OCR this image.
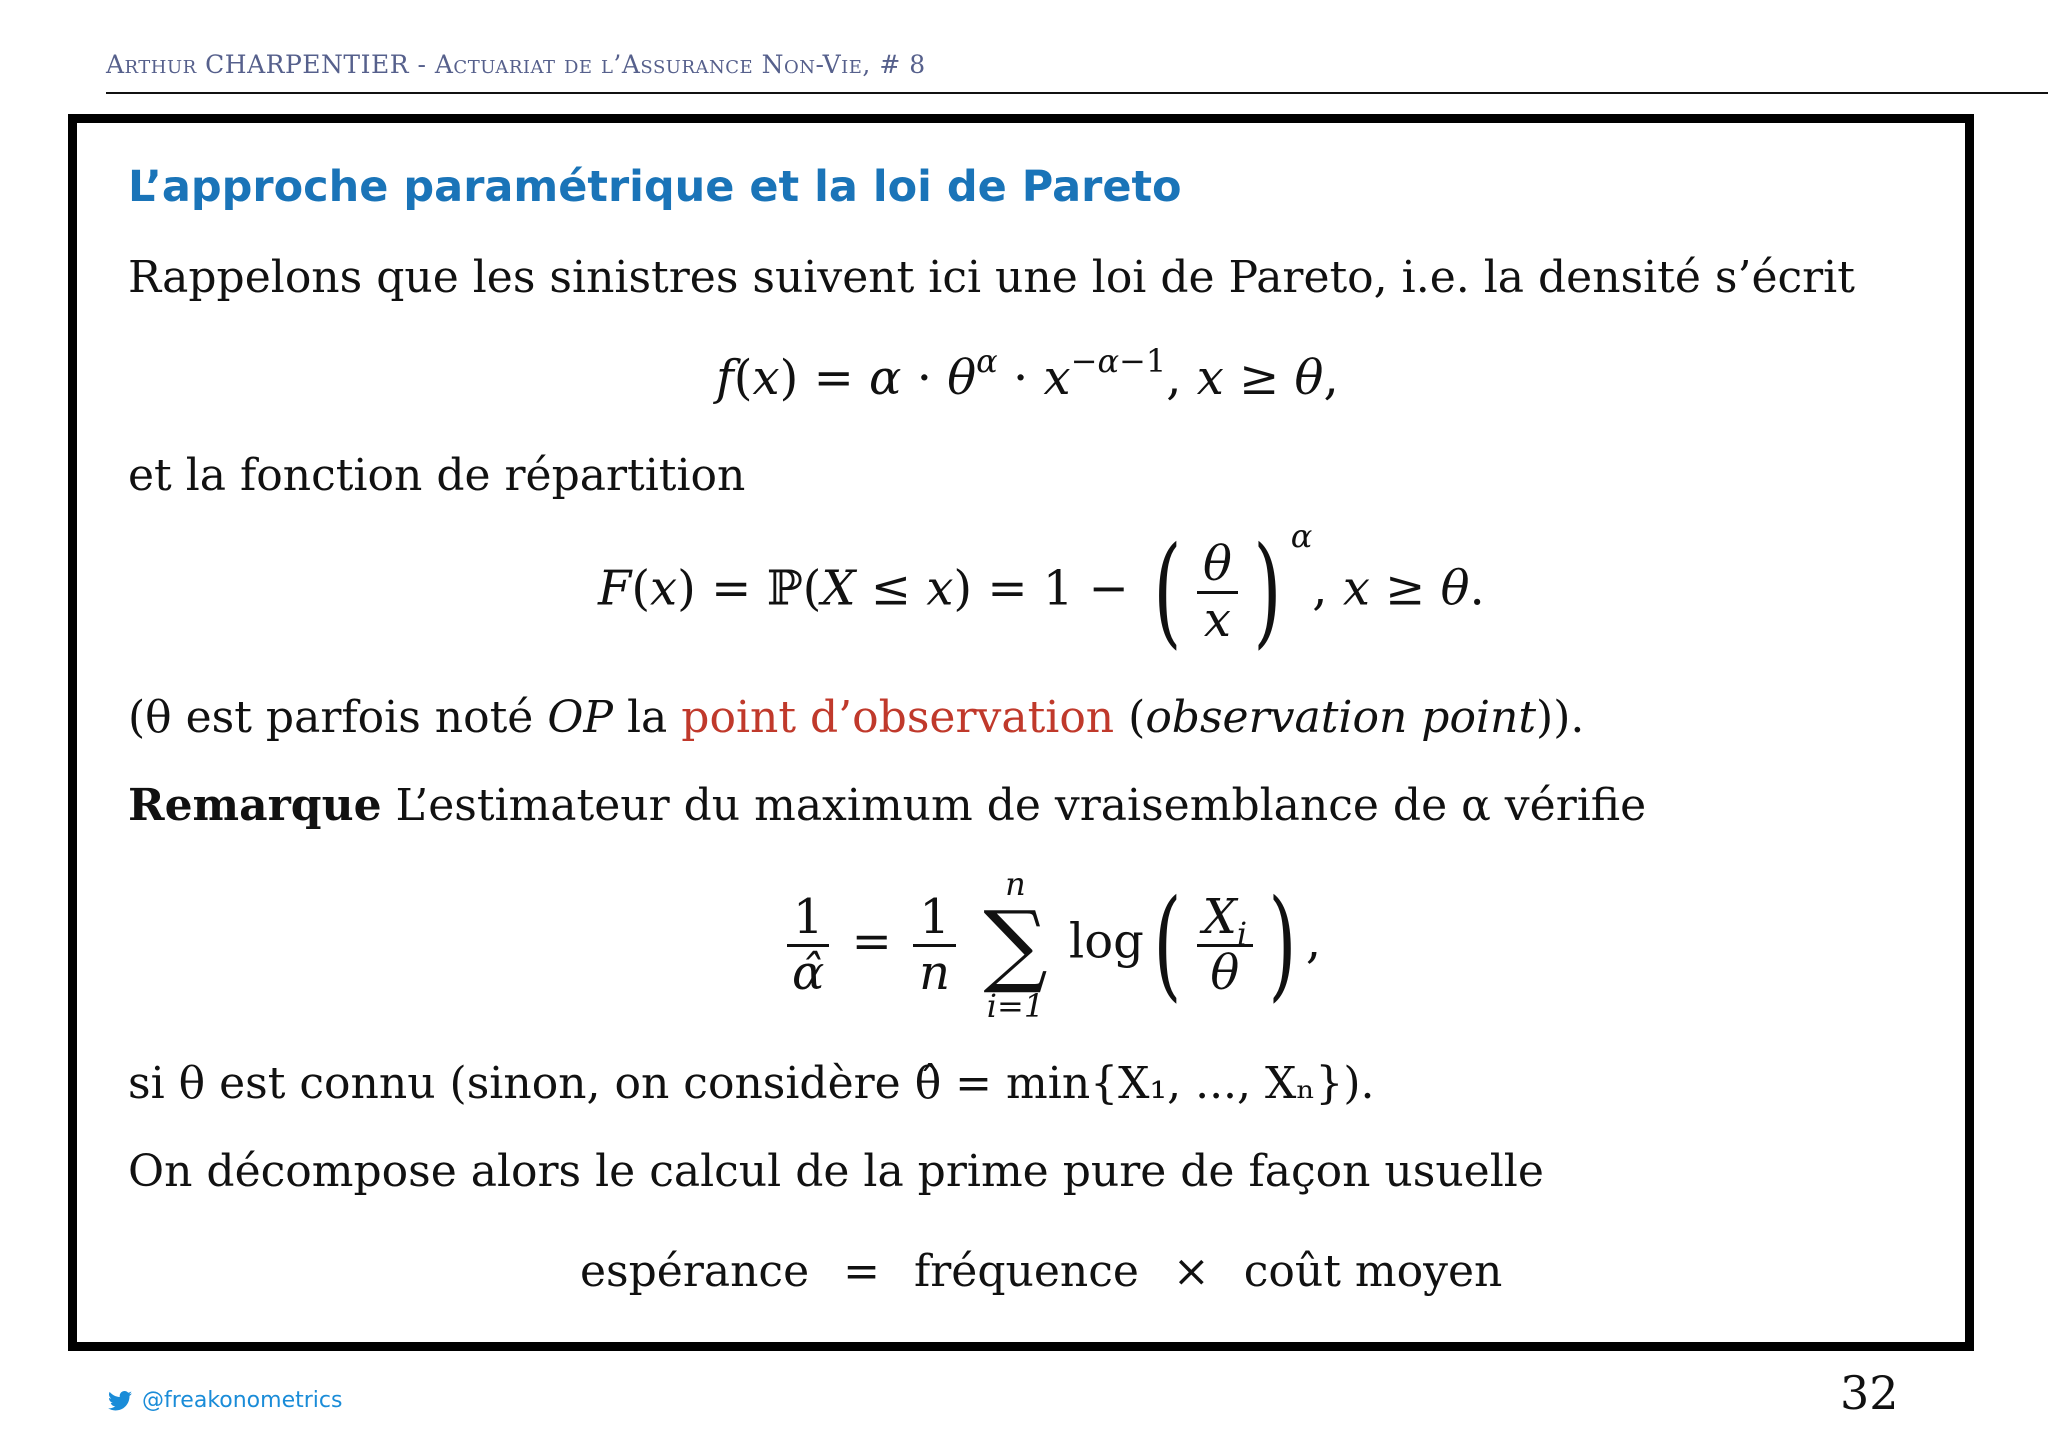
Arthur CHARPENTIER - Actuariat de l’Assurance Non-Vie, # 8
L’approche paramétrique et la loi de Pareto
Rappelons que les sinistres suivent ici une loi de Pareto, i.e. la densité s’écrit
$f(x) = \alpha \cdot \theta^\alpha \cdot x^{-\alpha-1}$, x ≥ θ,
et la fonction de répartition
F(x) = ℙ(X ≤ x) = 1 − ( $\frac{\theta}{x}$ ) $^\alpha$, x ≥ θ.
(θ est parfois noté OP la point d’observation (observation point)).
Remarque L’estimateur du maximum de vraisemblance de α vérifie
$\frac{1}{\alphâ} = \frac{1}{n}$

n
∑
i=1
$\log( \frac{X_i}{\theta}$ ) ,
si θ est connu (sinon, on considère θ̂ = min{X₁, ..., Xₙ}).
On décompose alors le calcul de la prime pure de façon usuelle
espérance = fréquence × coût moyen
@freakonometrics	32
